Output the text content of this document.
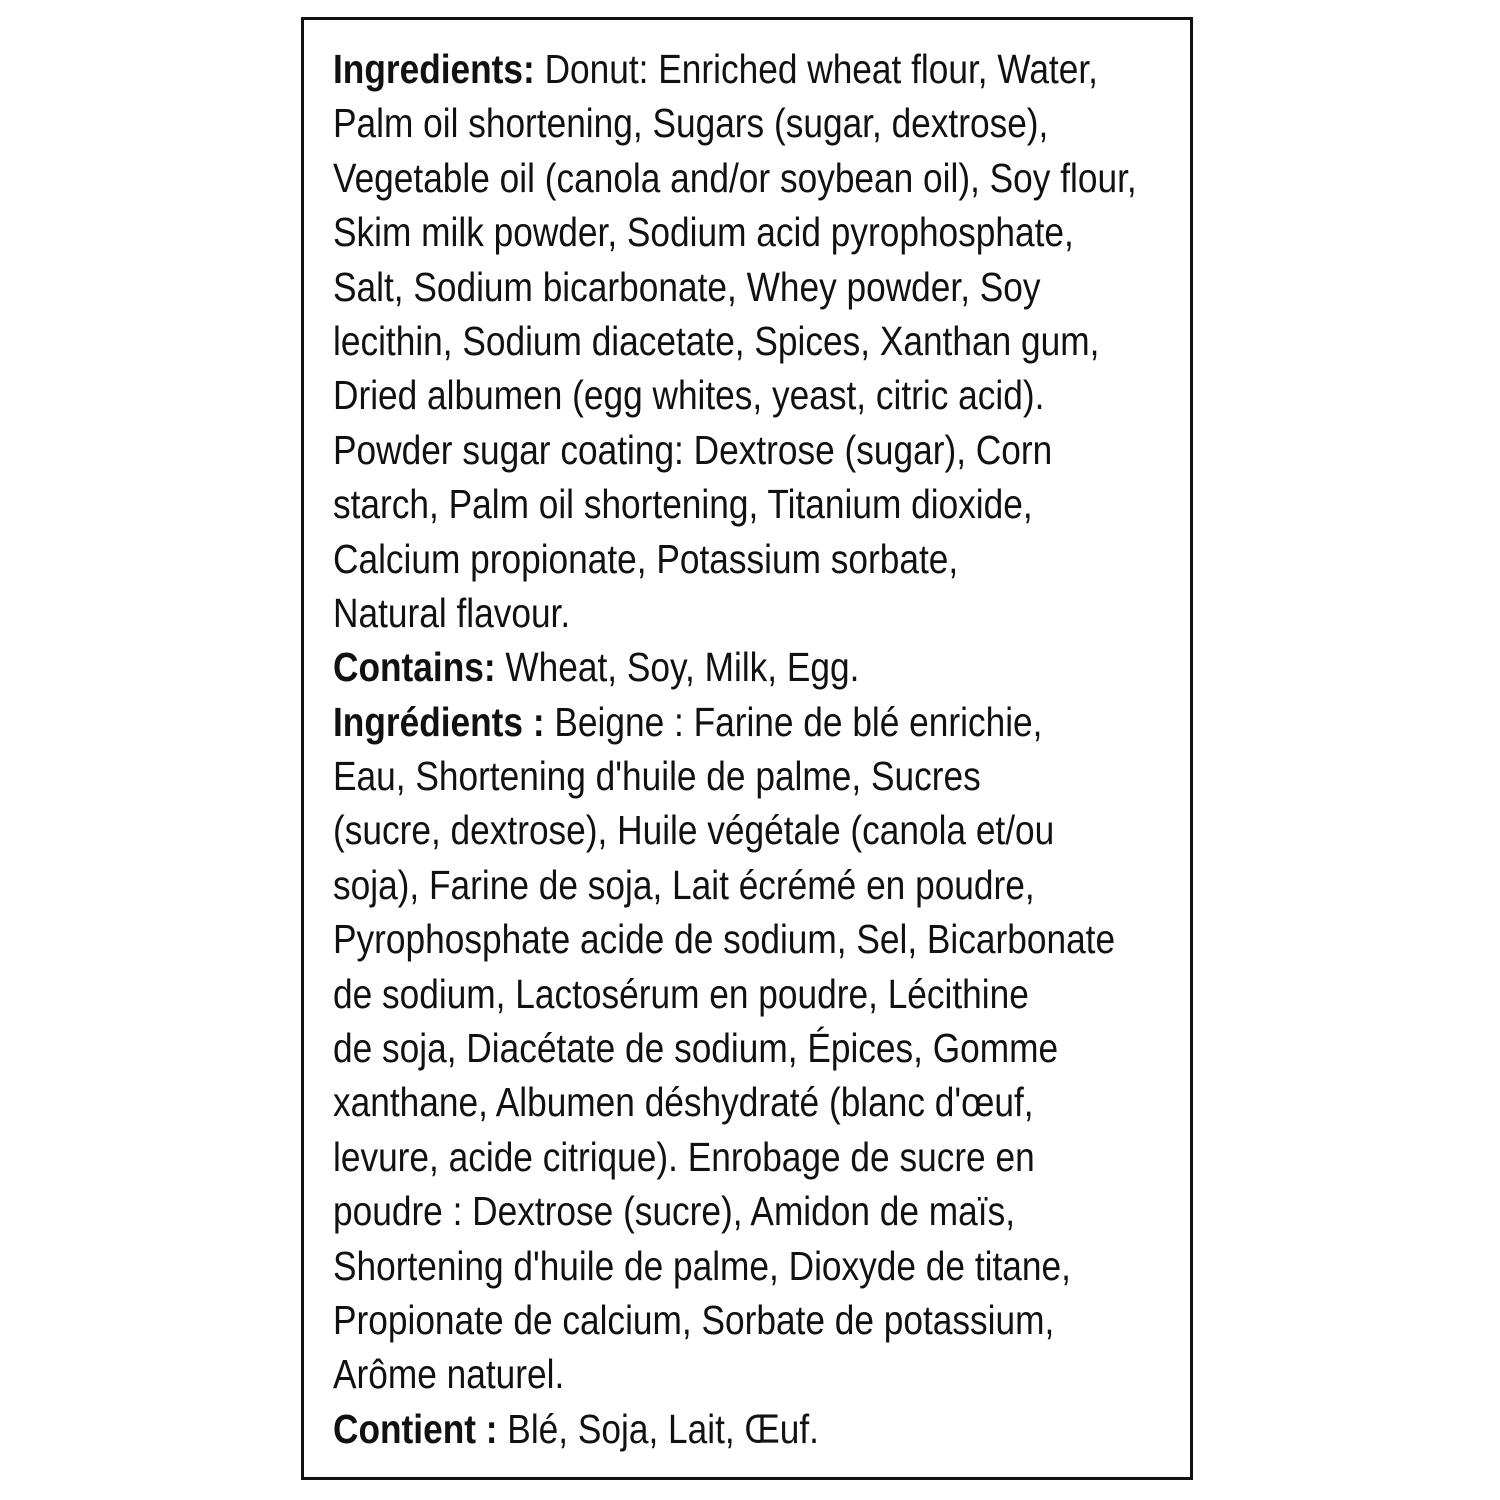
Ingredients: Donut: Enriched wheat flour, Water,
Palm oil shortening, Sugars (sugar, dextrose),
Vegetable oil (canola and/or soybean oil), Soy flour,
Skim milk powder, Sodium acid pyrophosphate,
Salt, Sodium bicarbonate, Whey powder, Soy
lecithin, Sodium diacetate, Spices, Xanthan gum,
Dried albumen (egg whites, yeast, citric acid).
Powder sugar coating: Dextrose (sugar), Corn
starch, Palm oil shortening, Titanium dioxide,
Calcium propionate, Potassium sorbate,
Natural flavour.
Contains: Wheat, Soy, Milk, Egg.
Ingrédients : Beigne : Farine de blé enrichie,
Eau, Shortening d'huile de palme, Sucres
(sucre, dextrose), Huile végétale (canola et/ou
soja), Farine de soja, Lait écrémé en poudre,
Pyrophosphate acide de sodium, Sel, Bicarbonate
de sodium, Lactosérum en poudre, Lécithine
de soja, Diacétate de sodium, Épices, Gomme
xanthane, Albumen déshydraté (blanc d'œuf,
levure, acide citrique). Enrobage de sucre en
poudre : Dextrose (sucre), Amidon de maïs,
Shortening d'huile de palme, Dioxyde de titane,
Propionate de calcium, Sorbate de potassium,
Arôme naturel.
Contient : Blé, Soja, Lait, Œuf.
